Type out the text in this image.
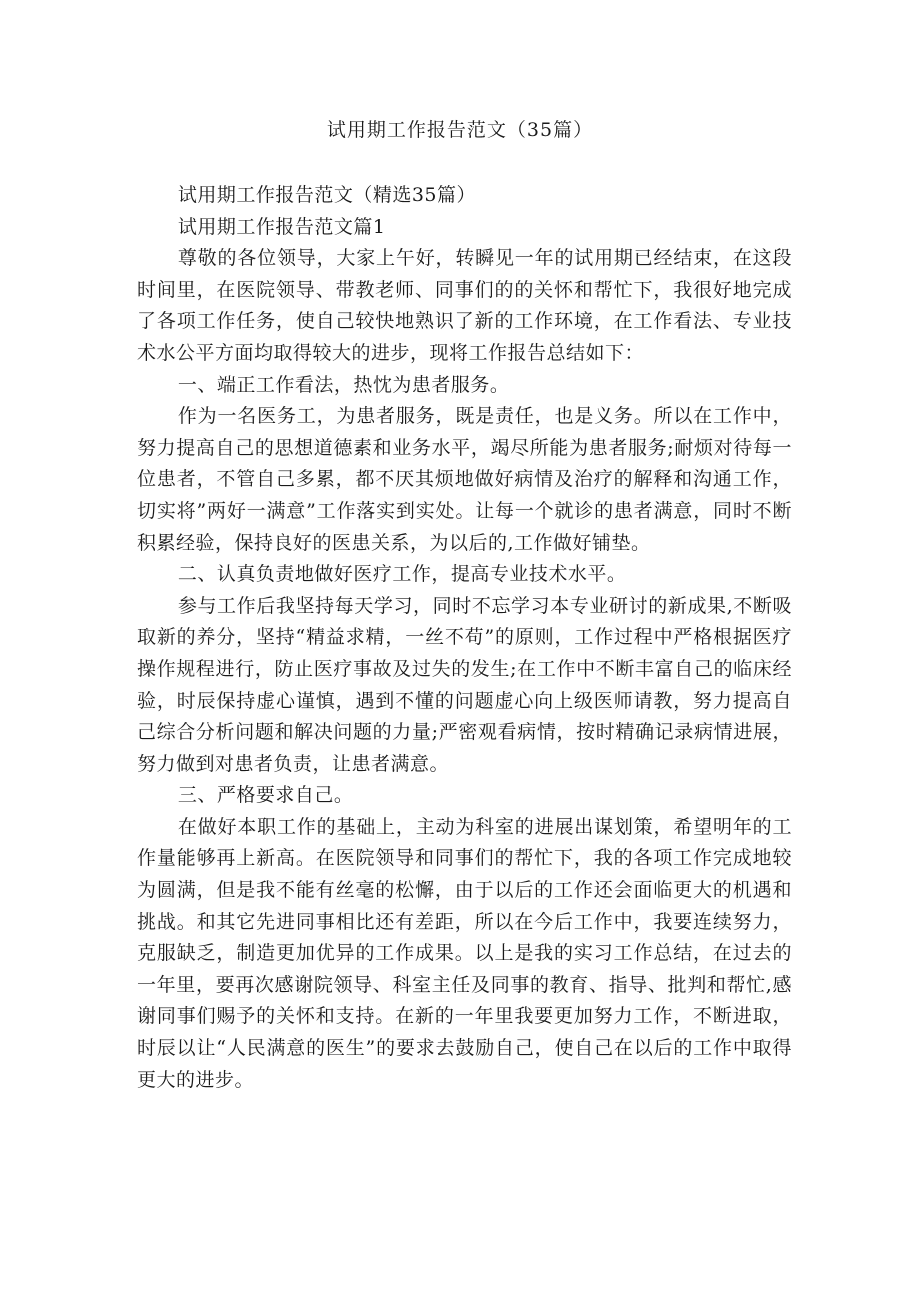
试用期工作报告范文（35篇）

试用期工作报告范文（精选35篇）

试用期工作报告范文篇1

尊敬的各位领导，大家上午好，转瞬见一年的试用期已经结束，在这段时间里，在医院领导、带教老师、同事们的的关怀和帮忙下，我很好地完成了各项工作任务，使自己较快地熟识了新的工作环境，在工作看法、专业技术水公平方面均取得较大的进步，现将工作报告总结如下：

一、端正工作看法，热忱为患者服务。

作为一名医务工，为患者服务，既是责任，也是义务。所以在工作中，努力提高自己的思想道德素和业务水平，竭尽所能为患者服务;耐烦对待每一位患者，不管自己多累，都不厌其烦地做好病情及治疗的解释和沟通工作，切实将”两好一满意”工作落实到实处。让每一个就诊的患者满意，同时不断积累经验，保持良好的医患关系，为以后的,工作做好铺垫。

二、认真负责地做好医疗工作，提高专业技术水平。

参与工作后我坚持每天学习，同时不忘学习本专业研讨的新成果,不断吸取新的养分，坚持“精益求精，一丝不苟”的原则，工作过程中严格根据医疗操作规程进行，防止医疗事故及过失的发生;在工作中不断丰富自己的临床经验，时辰保持虚心谨慎，遇到不懂的问题虚心向上级医师请教，努力提高自己综合分析问题和解决问题的力量;严密观看病情，按时精确记录病情进展，努力做到对患者负责，让患者满意。

三、严格要求自己。

在做好本职工作的基础上，主动为科室的进展出谋划策，希望明年的工作量能够再上新高。在医院领导和同事们的帮忙下，我的各项工作完成地较为圆满，但是我不能有丝毫的松懈，由于以后的工作还会面临更大的机遇和挑战。和其它先进同事相比还有差距，所以在今后工作中，我要连续努力，克服缺乏，制造更加优异的工作成果。以上是我的实习工作总结，在过去的一年里，要再次感谢院领导、科室主任及同事的教育、指导、批判和帮忙,感谢同事们赐予的关怀和支持。在新的一年里我要更加努力工作，不断进取，时辰以让“人民满意的医生”的要求去鼓励自己，使自己在以后的工作中取得更大的进步。
